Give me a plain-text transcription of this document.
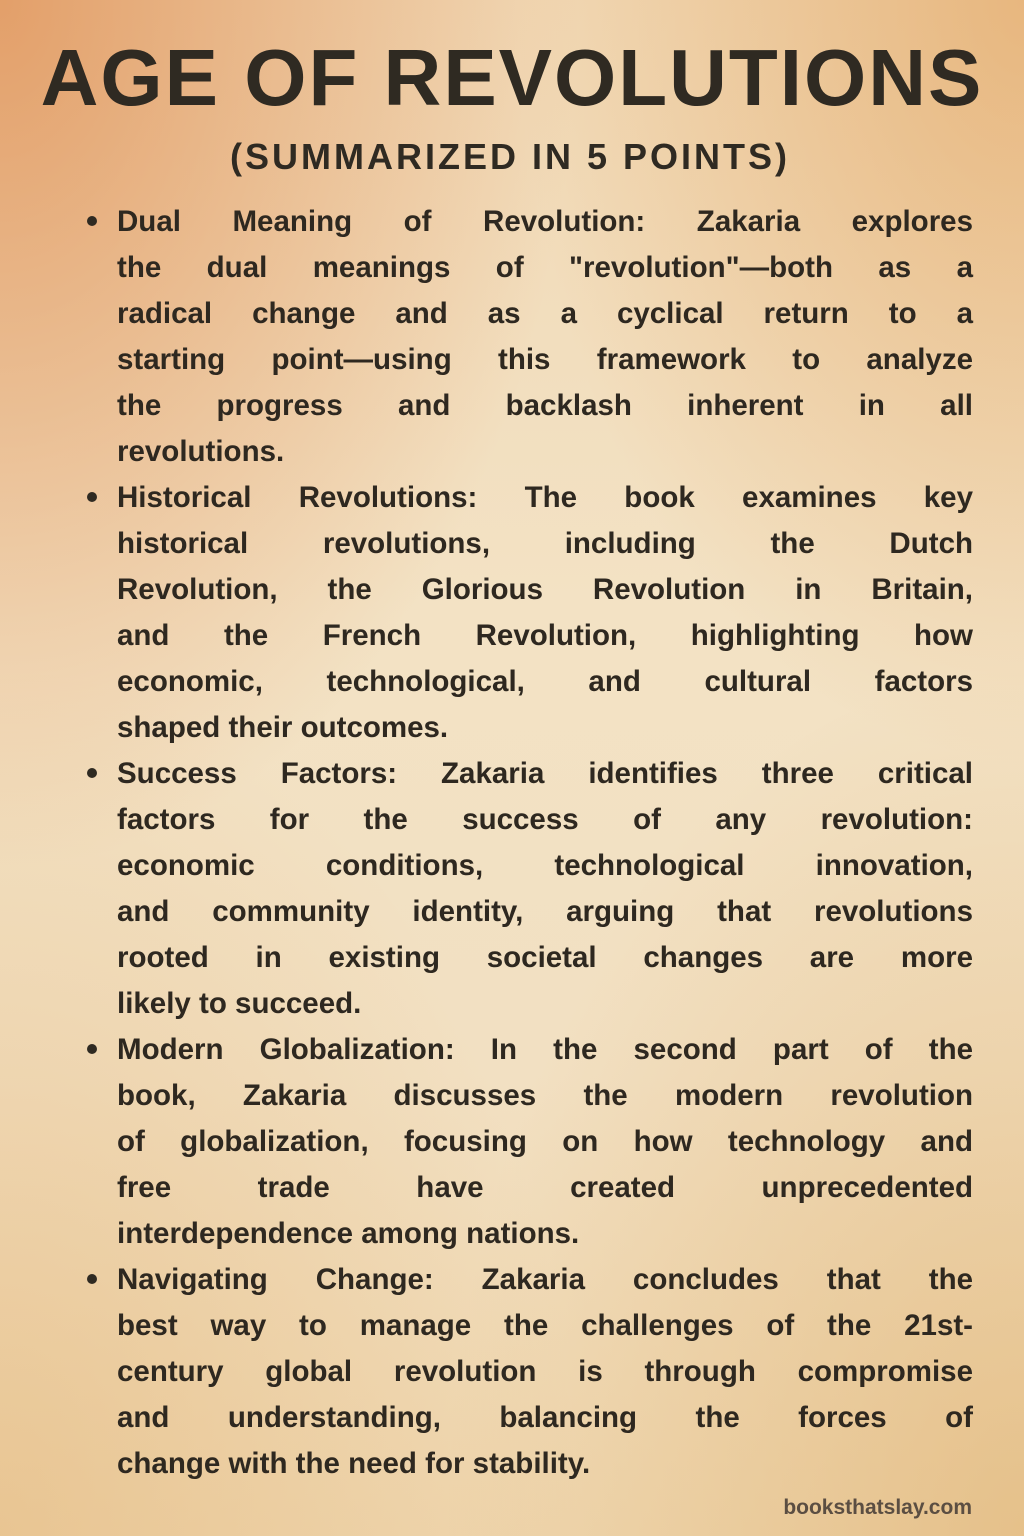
AGE OF REVOLUTIONS
(SUMMARIZED IN 5 POINTS)
Dual Meaning of Revolution: Zakaria explores
the dual meanings of "revolution"—both as a
radical change and as a cyclical return to a
starting point—using this framework to analyze
the progress and backlash inherent in all
revolutions.
Historical Revolutions: The book examines key
historical revolutions, including the Dutch
Revolution, the Glorious Revolution in Britain,
and the French Revolution, highlighting how
economic, technological, and cultural factors
shaped their outcomes.
Success Factors: Zakaria identifies three critical
factors for the success of any revolution:
economic conditions, technological innovation,
and community identity, arguing that revolutions
rooted in existing societal changes are more
likely to succeed.
Modern Globalization: In the second part of the
book, Zakaria discusses the modern revolution
of globalization, focusing on how technology and
free trade have created unprecedented
interdependence among nations.
Navigating Change: Zakaria concludes that the
best way to manage the challenges of the 21st-
century global revolution is through compromise
and understanding, balancing the forces of
change with the need for stability.
booksthatslay.com
